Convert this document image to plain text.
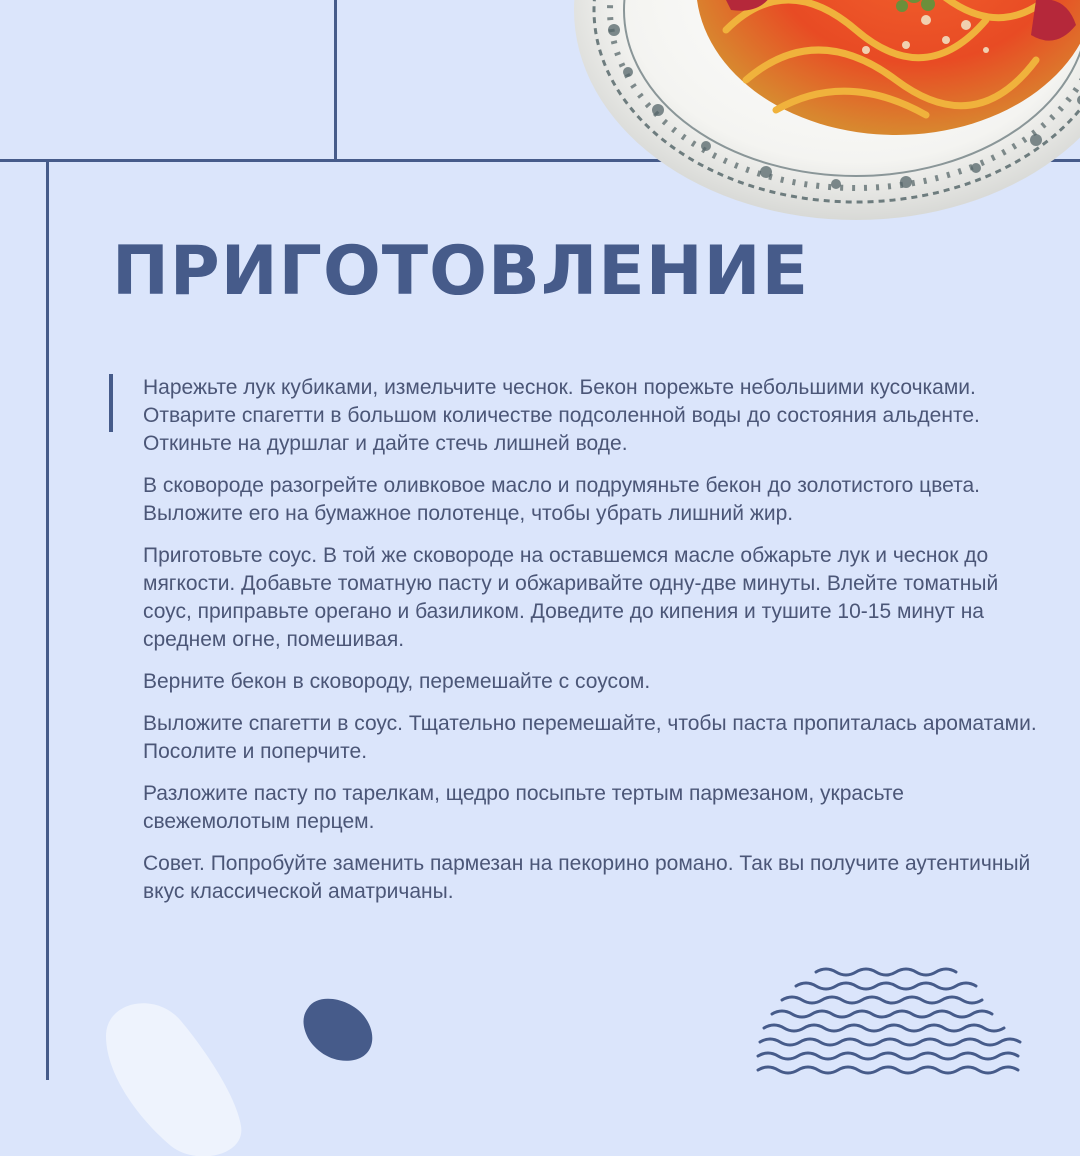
ПРИГОТОВЛЕНИЕ
Нарежьте лук кубиками, измельчите чеснок. Бекон порежьте небольшими кусочками. Отварите спагетти в большом количестве подсоленной воды до состояния альденте. Откиньте на дуршлаг и дайте стечь лишней воде.
В сковороде разогрейте оливковое масло и подрумяньте бекон до золотистого цвета. Выложите его на бумажное полотенце, чтобы убрать лишний жир.
Приготовьте соус. В той же сковороде на оставшемся масле обжарьте лук и чеснок до мягкости. Добавьте томатную пасту и обжаривайте одну-две минуты. Влейте томатный соус, приправьте орегано и базиликом. Доведите до кипения и тушите 10-15 минут на среднем огне, помешивая.
Верните бекон в сковороду, перемешайте с соусом.
Выложите спагетти в соус. Тщательно перемешайте, чтобы паста пропиталась ароматами. Посолите и поперчите.
Разложите пасту по тарелкам, щедро посыпьте тертым пармезаном, украсьте свежемолотым перцем.
Совет. Попробуйте заменить пармезан на пекорино романо. Так вы получите аутентичный вкус классической аматричаны.
